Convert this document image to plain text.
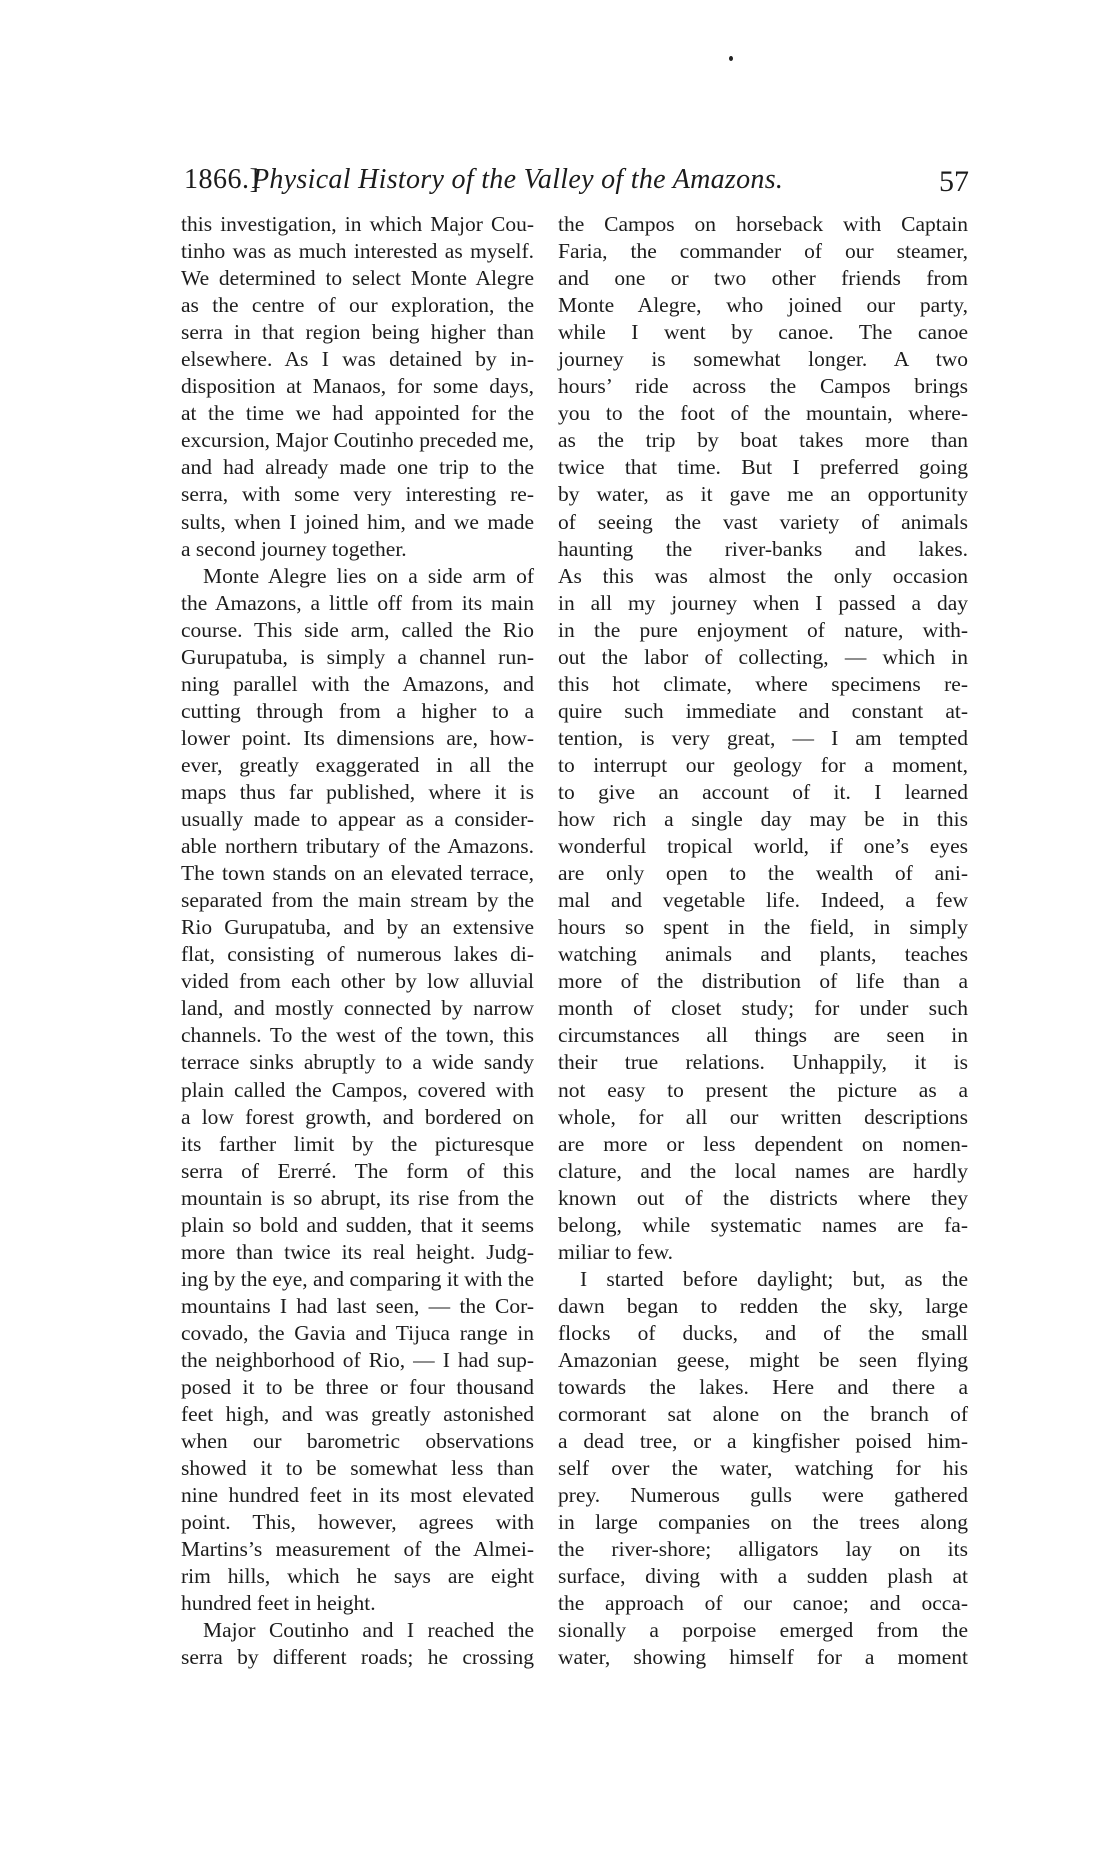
1866.]
Physical History of the Valley of the Amazons.	57
this investigation, in which Major Cou-
tinho was as much interested as myself.
We determined to select Monte Alegre
as the centre of our exploration, the
serra in that region being higher than
elsewhere. As I was detained by in-
disposition at Manaos, for some days,
at the time we had appointed for the
excursion, Major Coutinho preceded me,
and had already made one trip to the
serra, with some very interesting re-
sults, when I joined him, and we made
a second journey together.
Monte Alegre lies on a side arm of
the Amazons, a little off from its main
course. This side arm, called the Rio
Gurupatuba, is simply a channel run-
ning parallel with the Amazons, and
cutting through from a higher to a
lower point. Its dimensions are, how-
ever, greatly exaggerated in all the
maps thus far published, where it is
usually made to appear as a consider-
able northern tributary of the Amazons.
The town stands on an elevated terrace,
separated from the main stream by the
Rio Gurupatuba, and by an extensive
flat, consisting of numerous lakes di-
vided from each other by low alluvial
land, and mostly connected by narrow
channels. To the west of the town, this
terrace sinks abruptly to a wide sandy
plain called the Campos, covered with
a low forest growth, and bordered on
its farther limit by the picturesque
serra of Ererré. The form of this
mountain is so abrupt, its rise from the
plain so bold and sudden, that it seems
more than twice its real height. Judg-
ing by the eye, and comparing it with the
mountains I had last seen, — the Cor-
covado, the Gavia and Tijuca range in
the neighborhood of Rio, — I had sup-
posed it to be three or four thousand
feet high, and was greatly astonished
when our barometric observations
showed it to be somewhat less than
nine hundred feet in its most elevated
point. This, however, agrees with
Martins’s measurement of the Almei-
rim hills, which he says are eight
hundred feet in height.
Major Coutinho and I reached the
serra by different roads; he crossing
the Campos on horseback with Captain
Faria, the commander of our steamer,
and one or two other friends from
Monte Alegre, who joined our party,
while I went by canoe. The canoe
journey is somewhat longer. A two
hours’ ride across the Campos brings
you to the foot of the mountain, where-
as the trip by boat takes more than
twice that time. But I preferred going
by water, as it gave me an opportunity
of seeing the vast variety of animals
haunting the river-banks and lakes.
As this was almost the only occasion
in all my journey when I passed a day
in the pure enjoyment of nature, with-
out the labor of collecting, — which in
this hot climate, where specimens re-
quire such immediate and constant at-
tention, is very great, — I am tempted
to interrupt our geology for a moment,
to give an account of it. I learned
how rich a single day may be in this
wonderful tropical world, if one’s eyes
are only open to the wealth of ani-
mal and vegetable life. Indeed, a few
hours so spent in the field, in simply
watching animals and plants, teaches
more of the distribution of life than a
month of closet study; for under such
circumstances all things are seen in
their true relations. Unhappily, it is
not easy to present the picture as a
whole, for all our written descriptions
are more or less dependent on nomen-
clature, and the local names are hardly
known out of the districts where they
belong, while systematic names are fa-
miliar to few.
I started before daylight; but, as the
dawn began to redden the sky, large
flocks of ducks, and of the small
Amazonian geese, might be seen flying
towards the lakes. Here and there a
cormorant sat alone on the branch of
a dead tree, or a kingfisher poised him-
self over the water, watching for his
prey. Numerous gulls were gathered
in large companies on the trees along
the river-shore; alligators lay on its
surface, diving with a sudden plash at
the approach of our canoe; and occa-
sionally a porpoise emerged from the
water, showing himself for a moment
